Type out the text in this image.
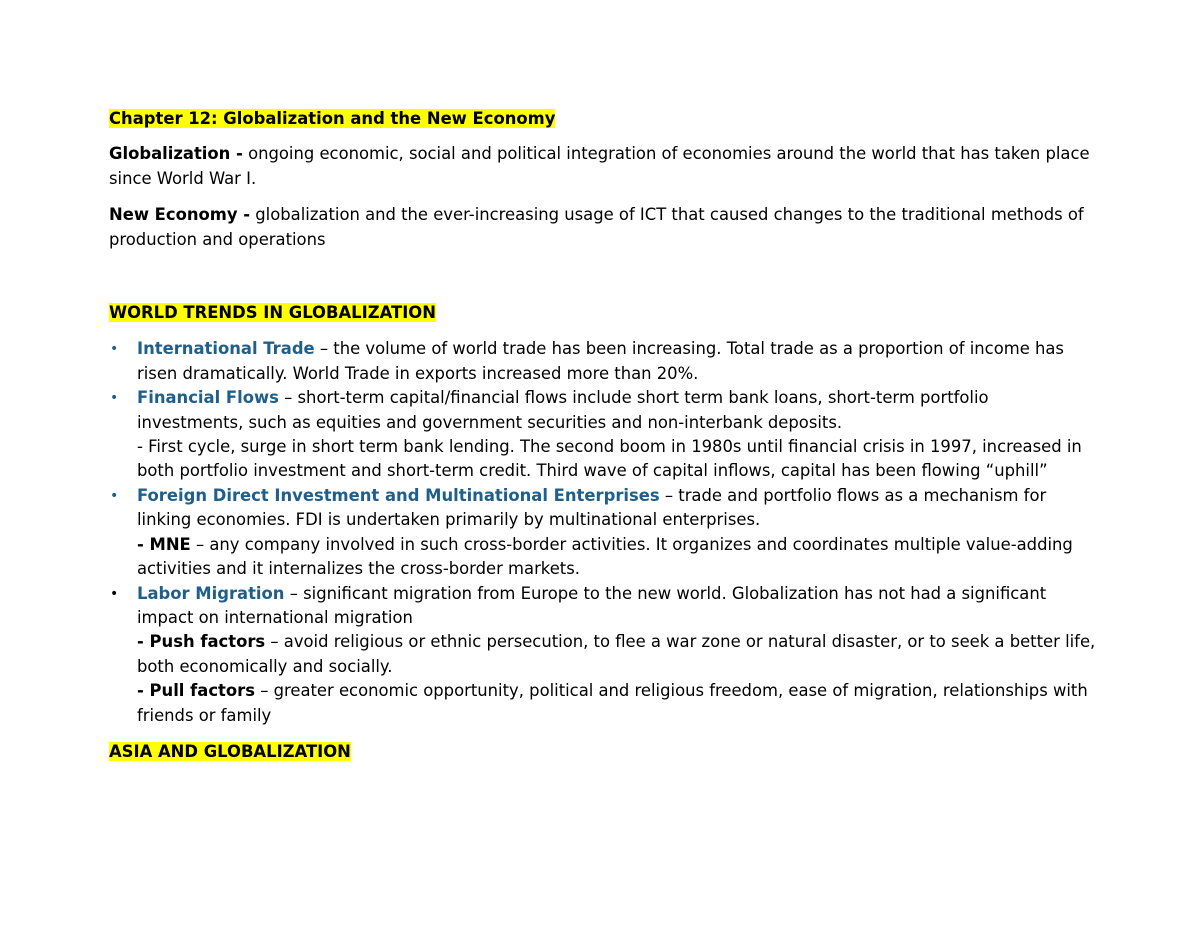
Chapter 12: Globalization and the New Economy

Globalization - ongoing economic, social and political integration of economies around the world that has taken place since World War I.

New Economy - globalization and the ever-increasing usage of ICT that caused changes to the traditional methods of production and operations

WORLD TRENDS IN GLOBALIZATION

• International Trade – the volume of world trade has been increasing. Total trade as a proportion of income has risen dramatically. World Trade in exports increased more than 20%.
• Financial Flows – short-term capital/financial flows include short term bank loans, short-term portfolio investments, such as equities and government securities and non-interbank deposits.
- First cycle, surge in short term bank lending. The second boom in 1980s until financial crisis in 1997, increased in both portfolio investment and short-term credit. Third wave of capital inflows, capital has been flowing “uphill”
• Foreign Direct Investment and Multinational Enterprises – trade and portfolio flows as a mechanism for linking economies. FDI is undertaken primarily by multinational enterprises.
- MNE – any company involved in such cross-border activities. It organizes and coordinates multiple value-adding activities and it internalizes the cross-border markets.
• Labor Migration – significant migration from Europe to the new world. Globalization has not had a significant impact on international migration
- Push factors – avoid religious or ethnic persecution, to flee a war zone or natural disaster, or to seek a better life, both economically and socially.
- Pull factors – greater economic opportunity, political and religious freedom, ease of migration, relationships with friends or family

ASIA AND GLOBALIZATION
